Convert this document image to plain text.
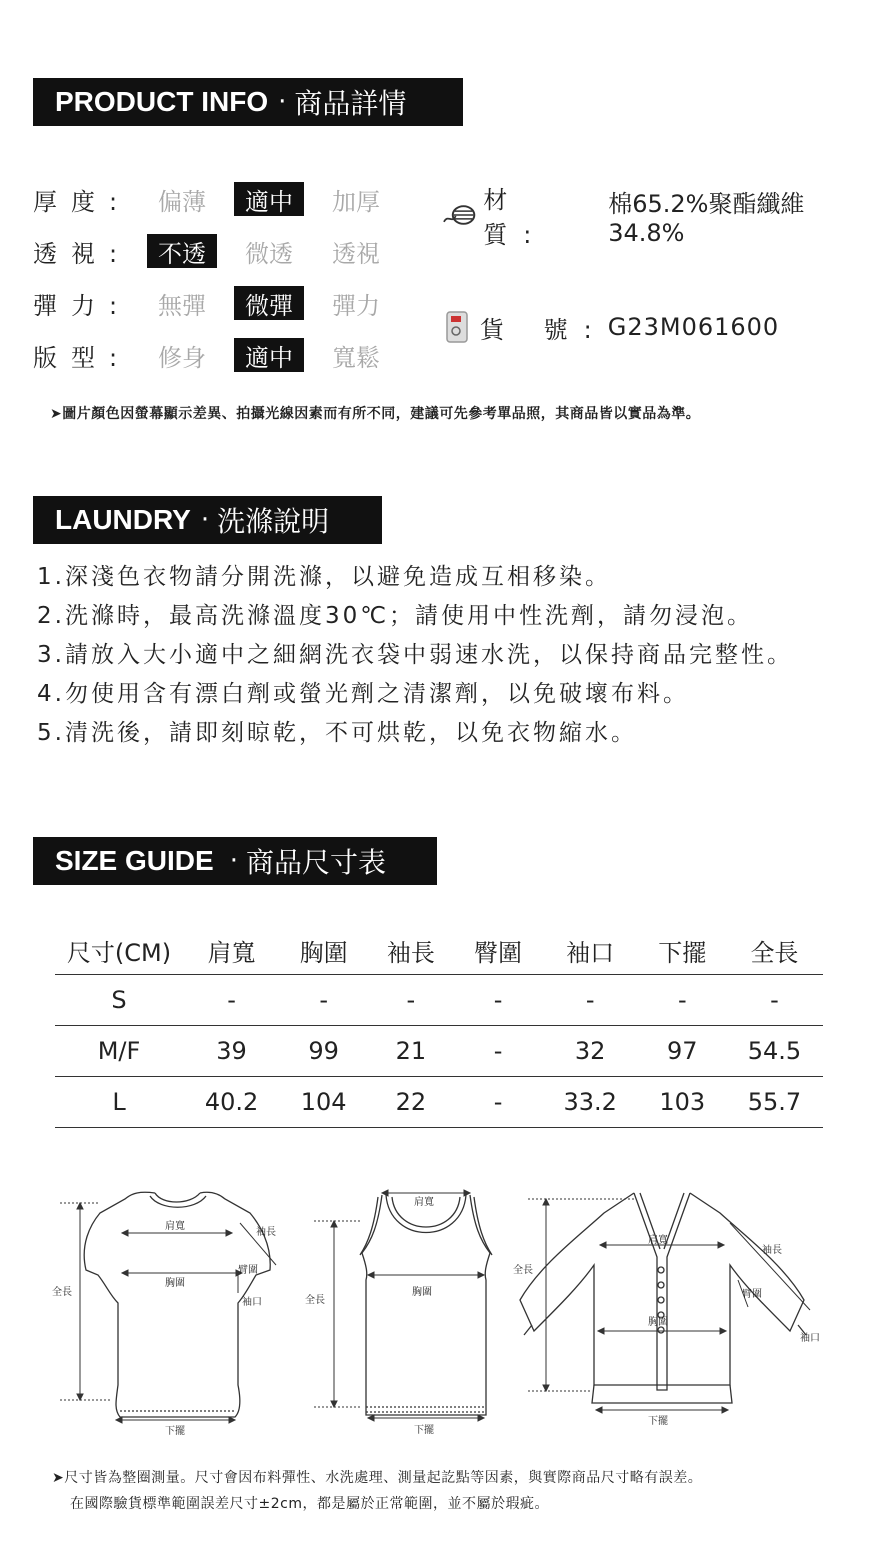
PRODUCT INFO · 商品詳情
厚度:	偏薄	適中	加厚
透視:	不透	微透	透視
彈力:	無彈	微彈	彈力
版型:	修身	適中	寬鬆
材 質:
棉65.2%聚酯纖維34.8%
貨 號: G23M061600
➤圖片顏色因螢幕顯示差異、拍攝光線因素而有所不同，建議可先參考單品照，其商品皆以實品為準。
LAUNDRY · 洗滌說明
1.深淺色衣物請分開洗滌，以避免造成互相移染。
2.洗滌時，最高洗滌溫度30℃；請使用中性洗劑，請勿浸泡。
3.請放入大小適中之細網洗衣袋中弱速水洗，以保持商品完整性。
4.勿使用含有漂白劑或螢光劑之清潔劑，以免破壞布料。
5.清洗後，請即刻晾乾，不可烘乾，以免衣物縮水。
SIZE GUIDE · 商品尺寸表
尺寸(CM)	肩寬	胸圍	袖長	臀圍	袖口	下擺	全長
S	-	-	-	-	-	-	-
M/F	39	99	21	-	32	97	54.5
L	40.2	104	22	-	33.2	103	55.7
全長
肩寬
袖長
臂圍
胸圍
袖口
下擺
肩寬
全長
胸圍
下擺
全長
肩寬
袖長
臂圍
胸圍
袖口
下擺
➤尺寸皆為整圈測量。尺寸會因布料彈性、水洗處理、測量起訖點等因素，與實際商品尺寸略有誤差。
在國際驗貨標準範圍誤差尺寸±2cm，都是屬於正常範圍，並不屬於瑕疵。
